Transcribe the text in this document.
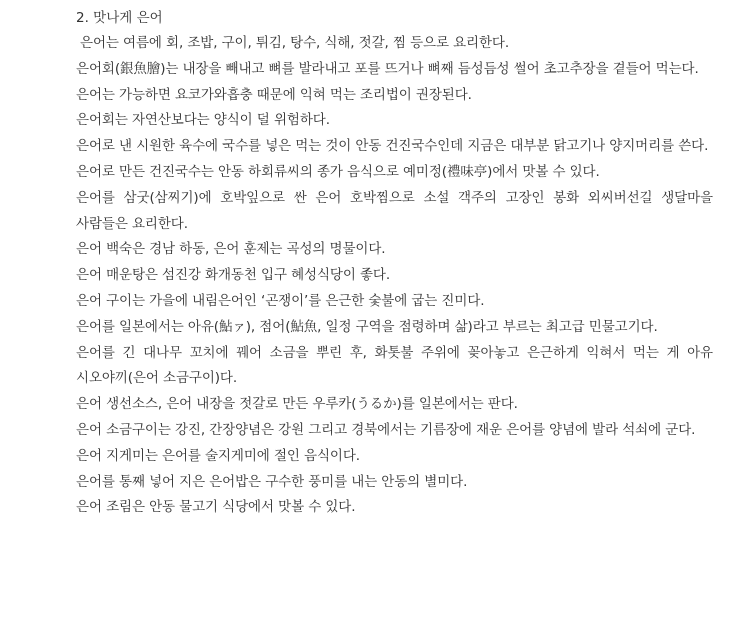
2. 맛나게 은어

은어는 여름에 회, 조밥, 구이, 튀김, 탕수, 식해, 젓갈, 찜 등으로 요리한다.

은어회(銀魚膾)는 내장을 빼내고 뼈를 발라내고 포를 뜨거나 뼈째 듬성듬성 썰어 초고추장을 곁들어 먹는다.

은어는 가능하면 요코가와흡충 때문에 익혀 먹는 조리법이 권장된다.

은어회는 자연산보다는 양식이 덜 위험하다.

은어로 낸 시원한 육수에 국수를 넣은 먹는 것이 안동 건진국수인데 지금은 대부분 닭고기나 양지머리를 쓴다.

은어로 만든 건진국수는 안동 하회류씨의 종가 음식으로 예미정(禮味亭)에서 맛볼 수 있다.

은어를 삼굿(삼찌기)에 호박잎으로 싼 은어 호박찜으로 소설 객주의 고장인 봉화 외씨버선길 생달마을 사람들은 요리한다.

은어 백숙은 경남 하동, 은어 훈제는 곡성의 명물이다.

은어 매운탕은 섬진강 화개동천 입구 혜성식당이 좋다.

은어 구이는 가을에 내림은어인 ‘곤쟁이’를 은근한 숯불에 굽는 진미다.

은어를 일본에서는 아유(鮎ァ), 점어(鮎魚, 일정 구역을 점령하며 삶)라고 부르는 최고급 민물고기다.

은어를 긴 대나무 꼬치에 꿰어 소금을 뿌린 후, 화톳불 주위에 꽂아놓고 은근하게 익혀서 먹는 게 아유 시오야끼(은어 소금구이)다.

은어 생선소스, 은어 내장을 젓갈로 만든 우루카(うるか)를 일본에서는 판다.

은어 소금구이는 강진, 간장양념은 강원 그리고 경북에서는 기름장에 재운 은어를 양념에 발라 석쇠에 군다.

은어 지게미는 은어를 술지게미에 절인 음식이다.

은어를 통째 넣어 지은 은어밥은 구수한 풍미를 내는 안동의 별미다.

은어 조림은 안동 물고기 식당에서 맛볼 수 있다.
